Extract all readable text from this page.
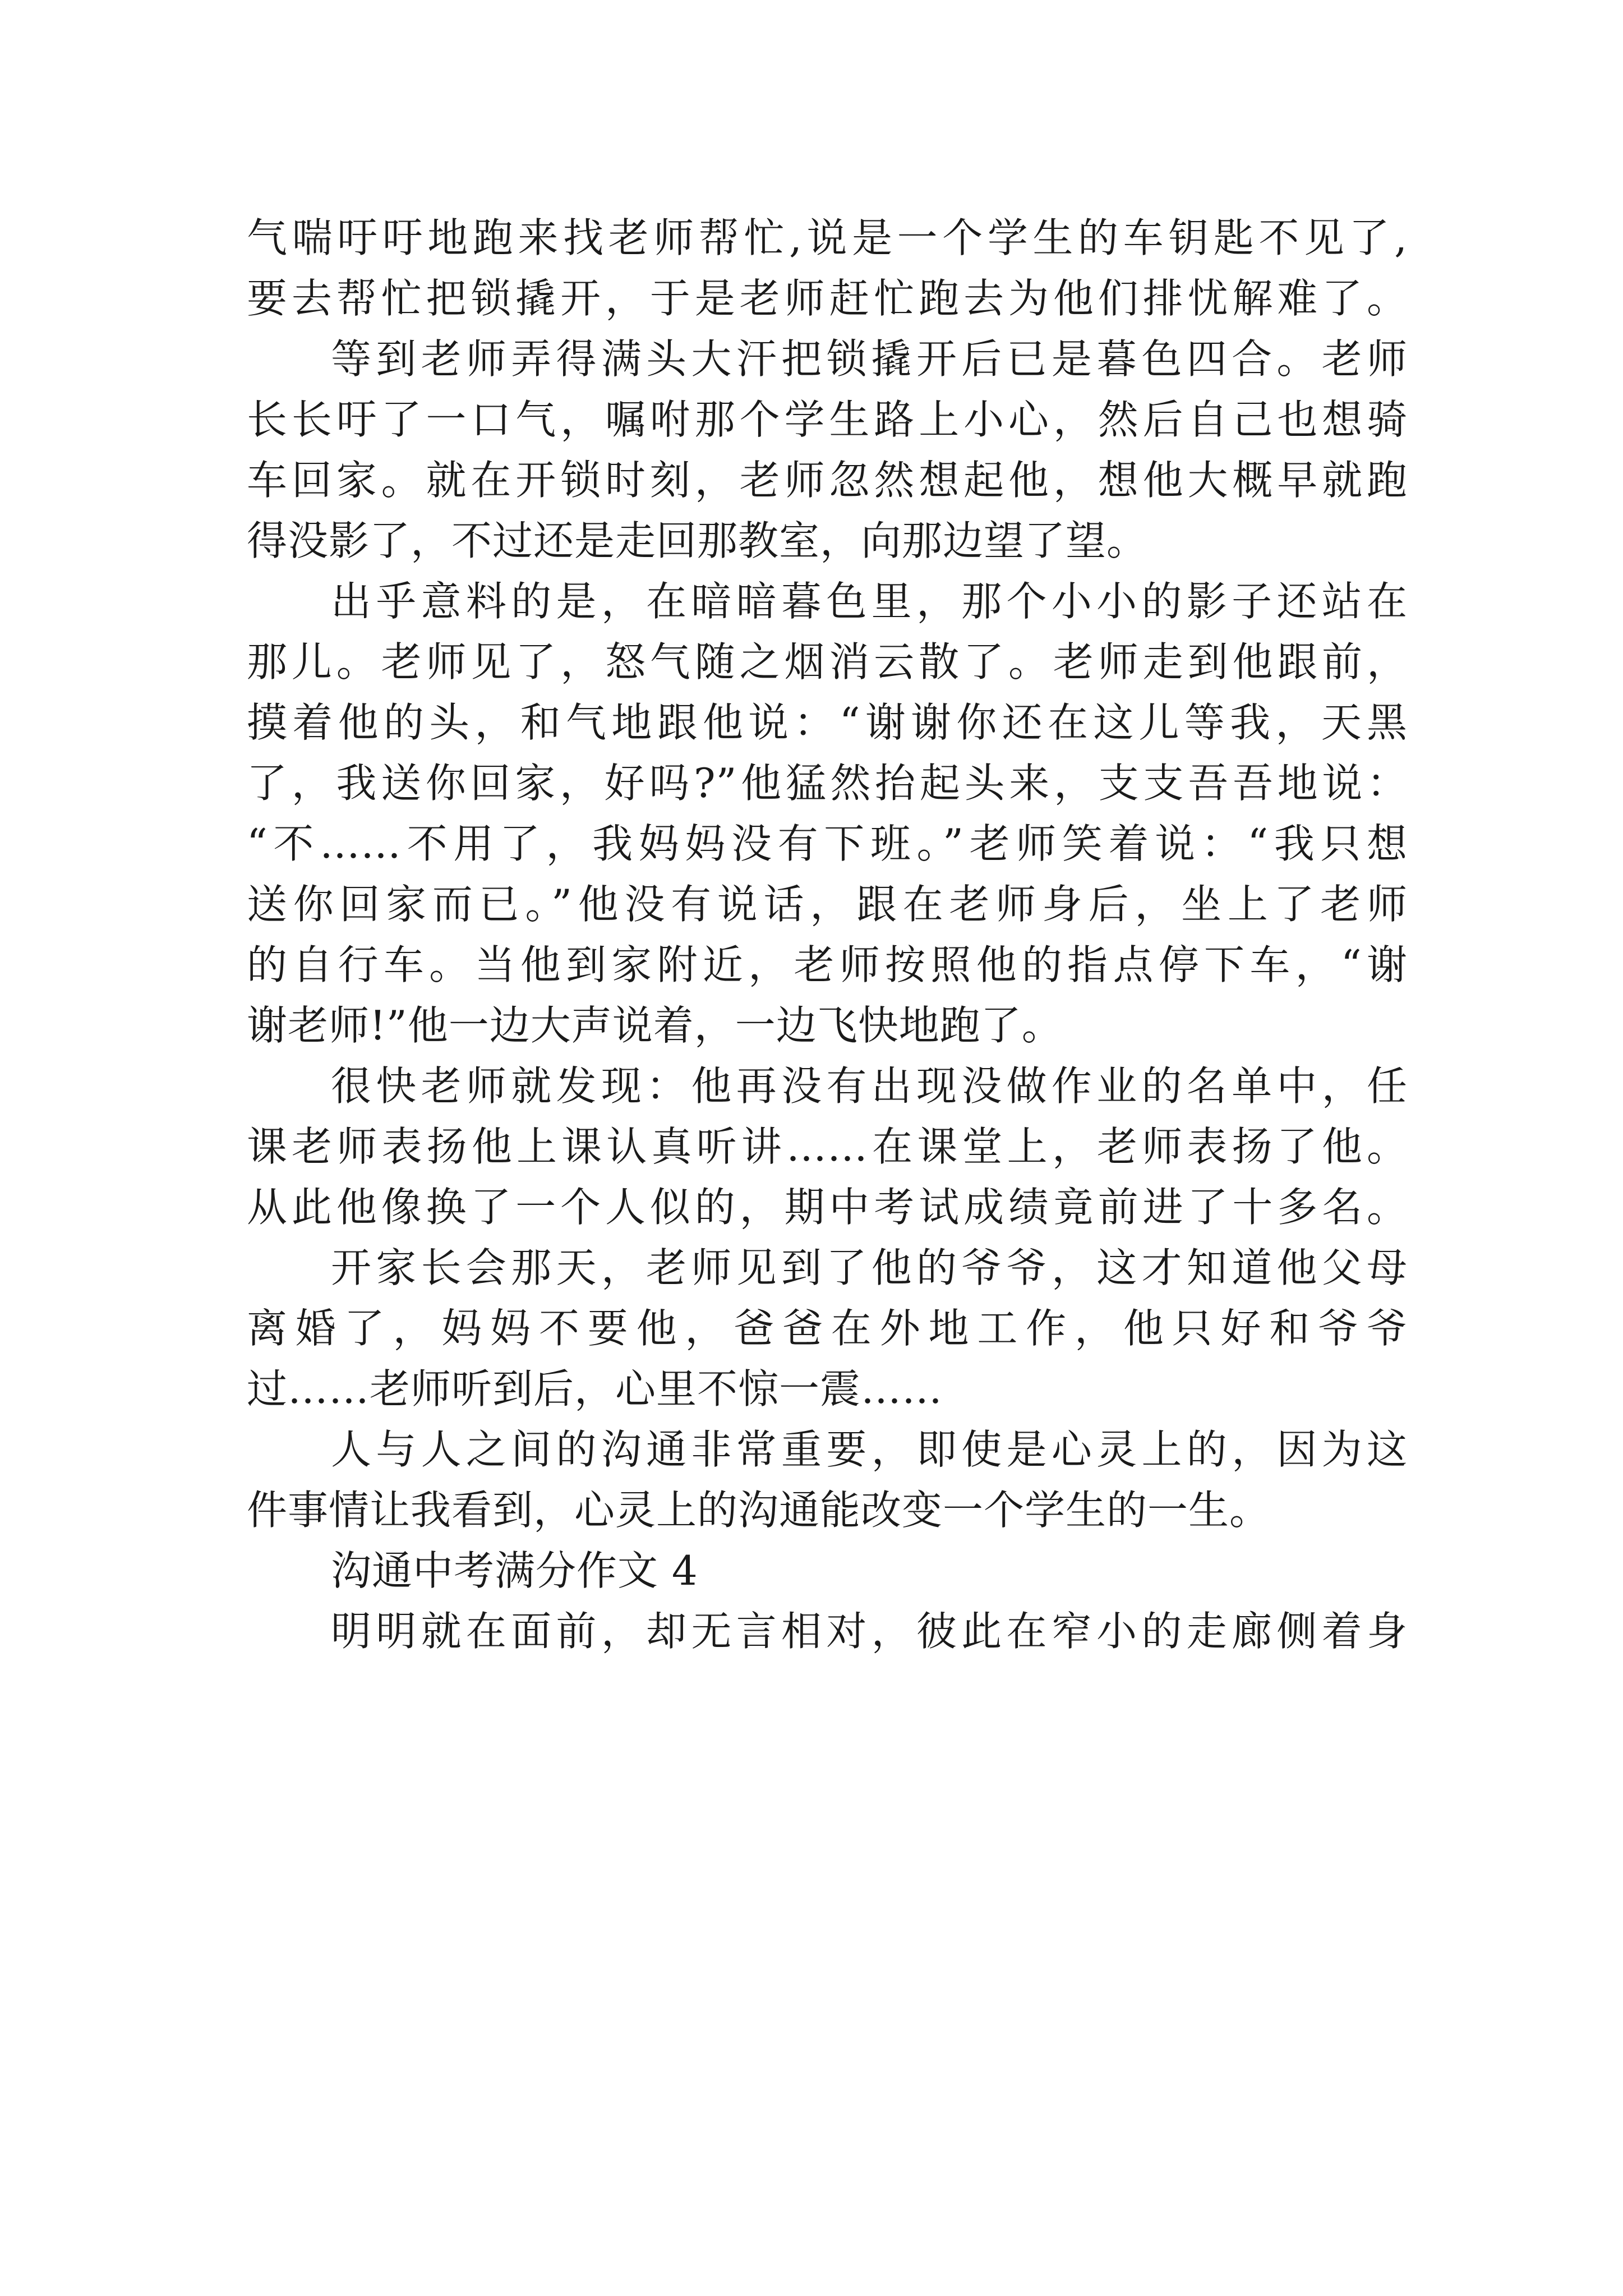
气喘吁吁地跑来找老师帮忙,说是一个学生的车钥匙不见了,
要去帮忙把锁撬开，于是老师赶忙跑去为他们排忧解难了。
等到老师弄得满头大汗把锁撬开后已是暮色四合。老师
长长吁了一口气，嘱咐那个学生路上小心，然后自己也想骑
车回家。就在开锁时刻，老师忽然想起他，想他大概早就跑
得没影了，不过还是走回那教室，向那边望了望。
出乎意料的是，在暗暗暮色里，那个小小的影子还站在
那儿。老师见了，怒气随之烟消云散了。老师走到他跟前，
摸着他的头，和气地跟他说：“谢谢你还在这儿等我，天黑
了，我送你回家，好吗?”他猛然抬起头来，支支吾吾地说：
“不……不用了，我妈妈没有下班。”老师笑着说：“我只想
送你回家而已。”他没有说话，跟在老师身后，坐上了老师
的自行车。当他到家附近，老师按照他的指点停下车，“谢
谢老师!”他一边大声说着，一边飞快地跑了。
很快老师就发现：他再没有出现没做作业的名单中，任
课老师表扬他上课认真听讲……在课堂上，老师表扬了他。
从此他像换了一个人似的，期中考试成绩竟前进了十多名。
开家长会那天，老师见到了他的爷爷，这才知道他父母
离婚了，妈妈不要他，爸爸在外地工作，他只好和爷爷
过……老师听到后，心里不惊一震……
人与人之间的沟通非常重要，即使是心灵上的，因为这
件事情让我看到，心灵上的沟通能改变一个学生的一生。
沟通中考满分作文 4
明明就在面前，却无言相对，彼此在窄小的走廊侧着身
